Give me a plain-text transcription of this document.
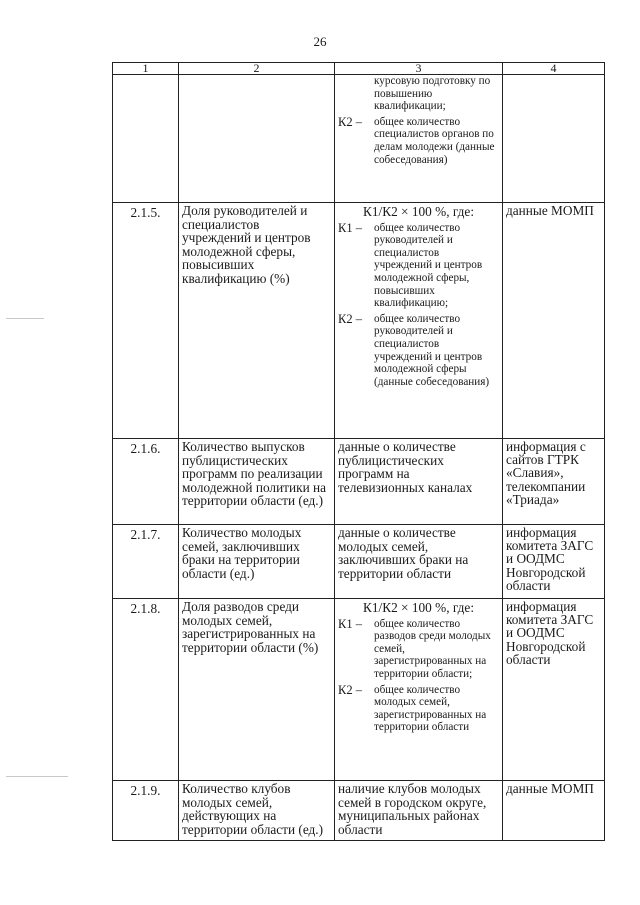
26
1	2	3	4

		курсовую подготовку по повышению квалификации;
К2 – общее количество специалистов органов по делам молодежи (данные собеседования)	

2.1.5.	Доля руководителей и специалистов учреждений и центров молодежной сферы, повысивших квалификацию (%)	К1/К2 × 100 %, где:
К1 – общее количество руководителей и специалистов учреждений и центров молодежной сферы, повысивших квалификацию;
К2 – общее количество руководителей и специалистов учреждений и центров молодежной сферы (данные собеседования)	данные МОМП
2.1.6.	Количество выпусков публицистических программ по реализации молодежной политики на территории области (ед.)	данные о количестве публицистических программ на телевизионных каналах	информация с сайтов ГТРК «Славия», телекомпании «Триада»
2.1.7.	Количество молодых семей, заключивших браки на территории области (ед.)	данные о количестве молодых семей, заключивших браки на территории области	информация комитета ЗАГС и ООДМС Новгородской области
2.1.8.	Доля разводов среди молодых семей, зарегистрированных на территории области (%)	К1/К2 × 100 %, где:
К1 – общее количество разводов среди молодых семей, зарегистрированных на территории области;
К2 – общее количество молодых семей, зарегистрированных на территории области	информация комитета ЗАГС и ООДМС Новгородской области
2.1.9.	Количество клубов молодых семей, действующих на территории области (ед.)	наличие клубов молодых семей в городском округе, муниципальных районах области	данные МОМП
